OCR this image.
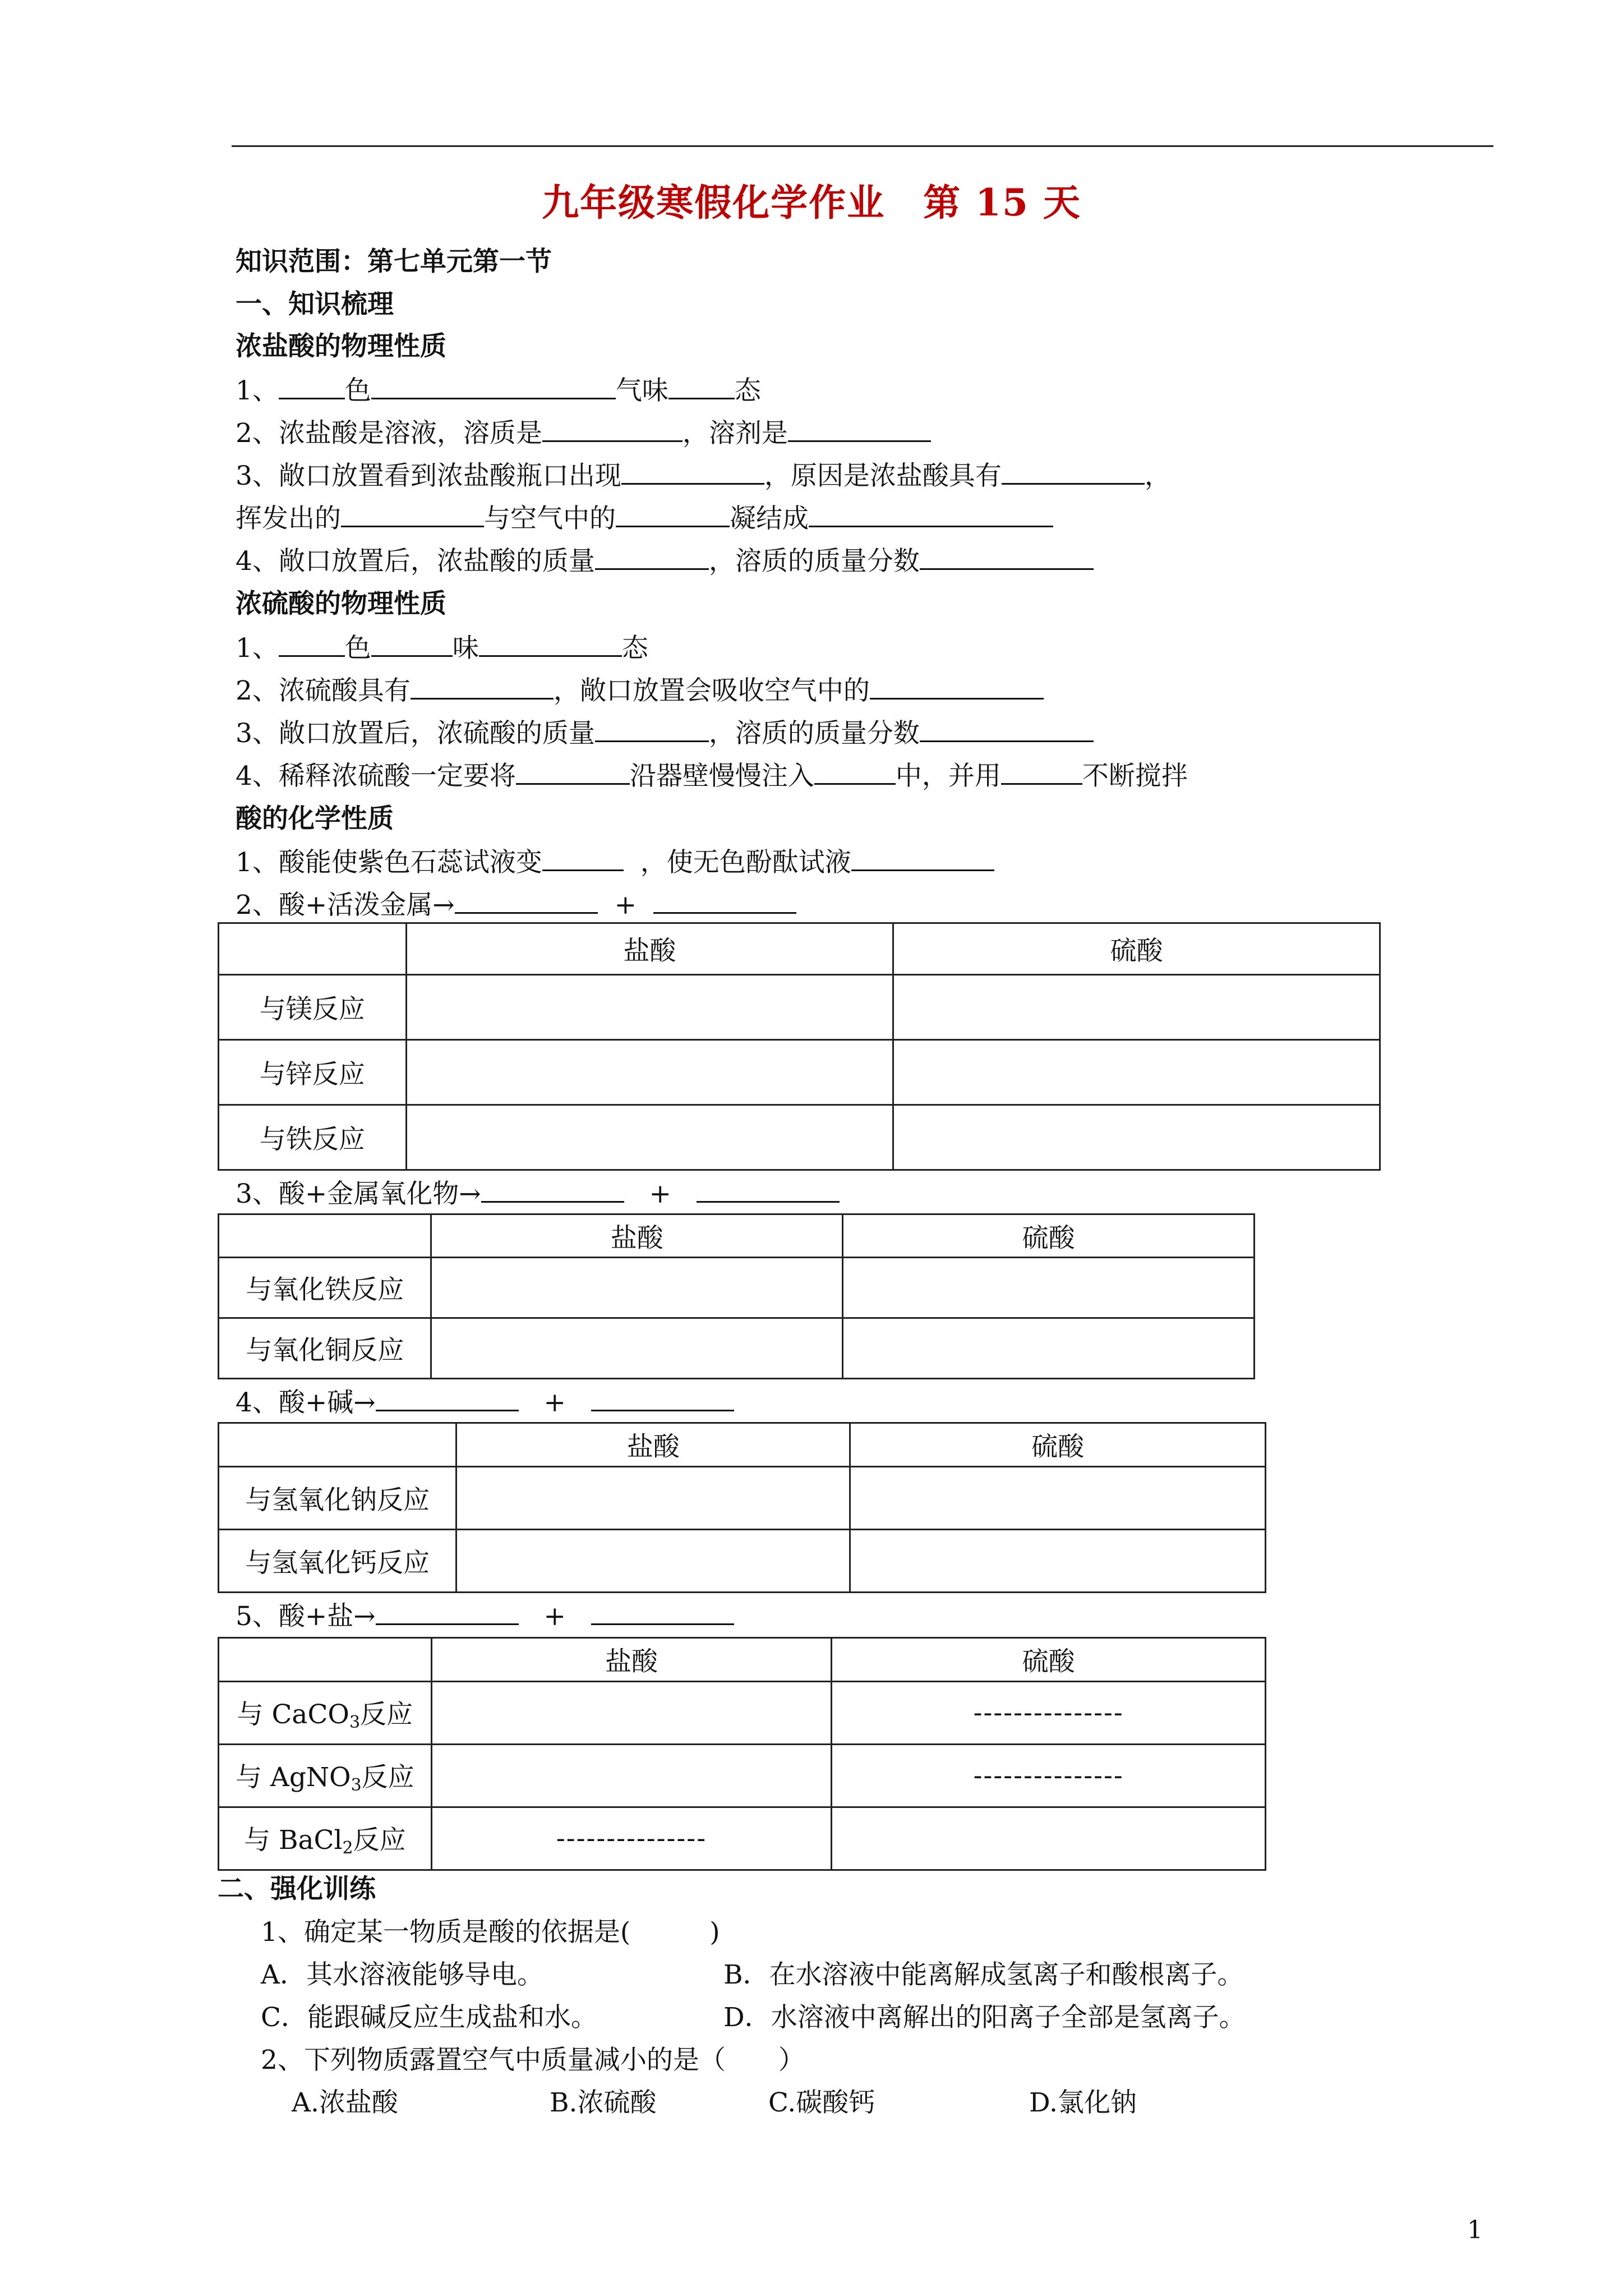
九年级寒假化学作业　第 15 天
知识范围：第七单元第一节
一、知识梳理
浓盐酸的物理性质
1、	色	气味	态
2、浓盐酸是溶液，溶质是	，溶剂是
3、敞口放置看到浓盐酸瓶口出现	，原因是浓盐酸具有	，
挥发出的	与空气中的	凝结成
4、敞口放置后，浓盐酸的质量	，溶质的质量分数
浓硫酸的物理性质
1、	色	味	态
2、浓硫酸具有	，敞口放置会吸收空气中的
3、敞口放置后，浓硫酸的质量	，溶质的质量分数
4、稀释浓硫酸一定要将	沿器壁慢慢注入	中，并用	不断搅拌
酸的化学性质
1、酸能使紫色石蕊试液变	，使无色酚酞试液
2、酸+活泼金属→	+
	盐酸	硫酸
与镁反应		
与锌反应		
与铁反应		
3、酸+金属氧化物→	+
	盐酸	硫酸
与氧化铁反应		
与氧化铜反应		
4、酸+碱→	+
	盐酸	硫酸
与氢氧化钠反应		
与氢氧化钙反应		
5、酸+盐→	+
	盐酸	硫酸
与 CaCO$_3$反应		---------------
与 AgNO$_3$反应		---------------
与 BaCl$_2$反应	---------------	
二、强化训练
1、确定某一物质是酸的依据是(　　　)
A．其水溶液能够导电。	B．在水溶液中能离解成氢离子和酸根离子。
C．能跟碱反应生成盐和水。	D．水溶液中离解出的阳离子全部是氢离子。
2、下列物质露置空气中质量减小的是（　　）
A.浓盐酸	B.浓硫酸	C.碳酸钙	D.氯化钠
1
